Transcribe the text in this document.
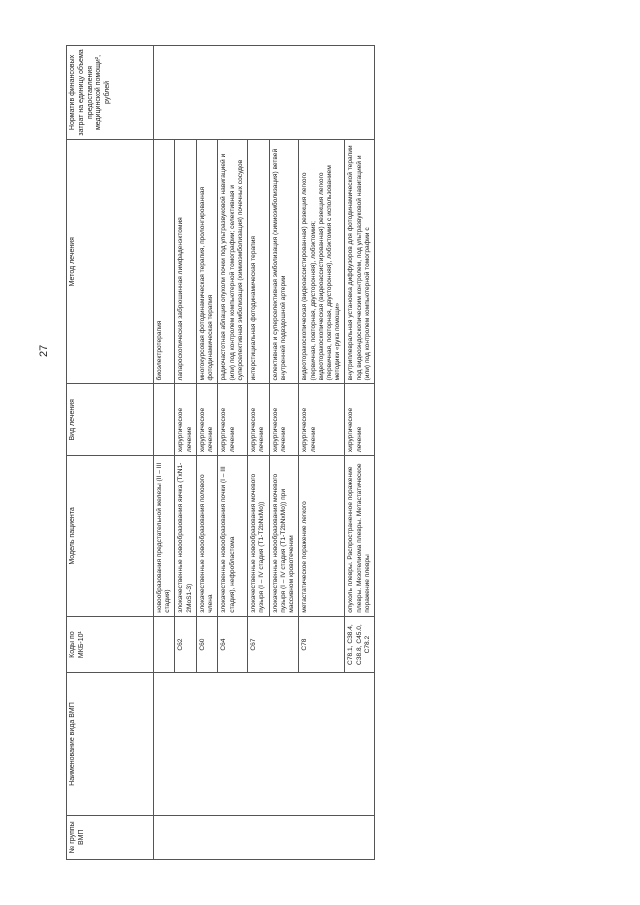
27
№ группы ВМП	Наименование вида ВМП	Коды по МКБ-10¹	Модель пациента	Вид лечения	Метод лечения	Норматив финансовых затрат на единицу объема предоставления медицинской помощи², рублей
			новообразования предстательной железы (II – III стадия)		биоэлектротерапия	
		C62	злокачественные новообразования яичка (TxN1-2MoS1-3)	хирургическое лечение	лапароскопическая забрюшинная лимфаденэктомия	
		C60	злокачественные новообразования полового члена	хирургическое лечение	многокурсовая фотодинамическая терапия, пролонгированная фотодинамическая терапия	
		C64	злокачественные новообразования почки (I – III стадия), нефробластома	хирургическое лечение	радиочастотная аблация опухоли почки под ультразвуковой навигацией и (или) под контролем компьютерной томографии; селективная и суперселективная эмболизация (химиоэмболизация) почечных сосудов	
		C67	злокачественные новообразования мочевого пузыря (I – IV стадия (T1-T2bNxMo))	хирургическое лечение	интерстициальная фотодинамическая терапия	
			злокачественные новообразования мочевого пузыря (I – IV стадия (T1-T2bNxMo)) при массивном кровотечении	хирургическое лечение	селективная и суперселективная эмболизация (химиоэмболизация) ветвей внутренней подвздошной артерии	
		C78	метастатическое поражение легкого	хирургическое лечение	видеоторакоскопическая (видеоассистированная) резекция легкого (первичная, повторная, двусторонняя), лобэктомия; видеоторакоскопическая (видеоассистированная) резекция легкого (первичная, повторная, двусторонняя), лобэктомия с использованием методики «рука помощи»	
		C78.1, C38.4, C38.8, C45.0, C78.2	опухоль плевры. Распространенное поражение плевры. Мезотелиома плевры. Метастатическое поражение плевры	хирургическое лечение	внутриплевральная установка диффузоров для фотодинамической терапии под видеоэндоскопическим контролем, под ультразвуковой навигацией и (или) под контролем компьютерной томографии с	
